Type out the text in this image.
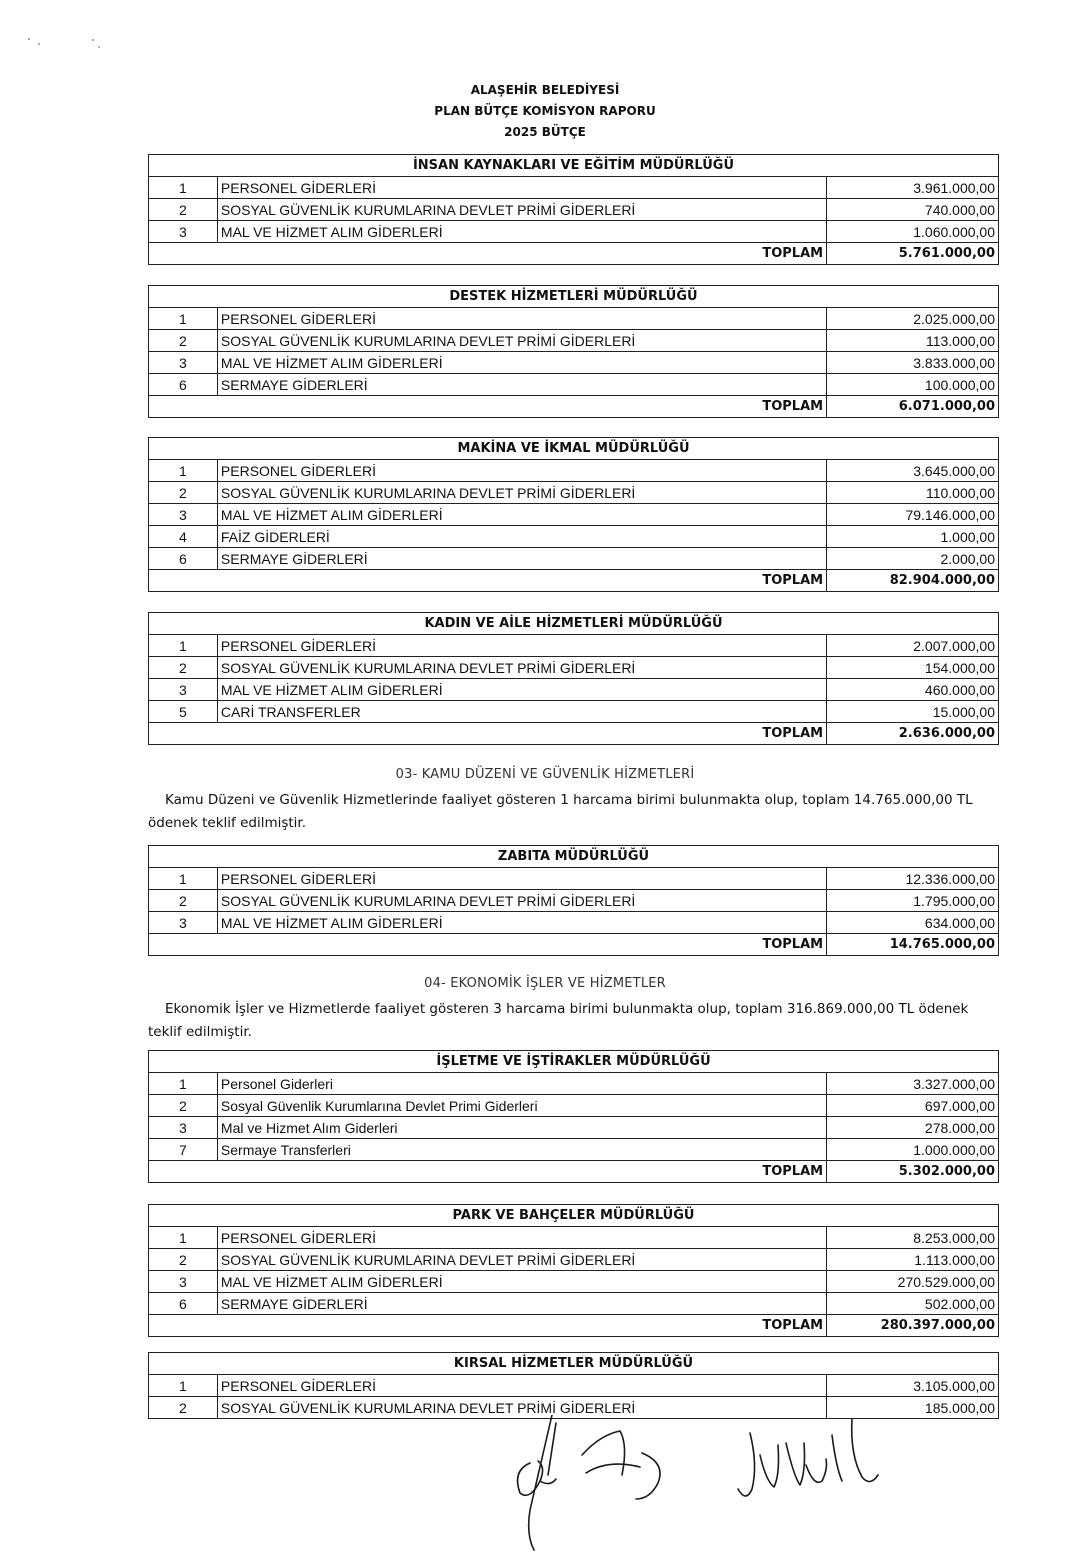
ALAŞEHİR BELEDİYESİ
PLAN BÜTÇE KOMİSYON RAPORU
2025 BÜTÇE
İNSAN KAYNAKLARI VE EĞİTİM MÜDÜRLÜĞÜ		
1	PERSONEL GİDERLERİ	3.961.000,00
2	SOSYAL GÜVENLİK KURUMLARINA DEVLET PRİMİ GİDERLERİ	740.000,00
3	MAL VE HİZMET ALIM GİDERLERİ	1.060.000,00
TOPLAM		5.761.000,00
DESTEK HİZMETLERİ MÜDÜRLÜĞÜ		
1	PERSONEL GİDERLERİ	2.025.000,00
2	SOSYAL GÜVENLİK KURUMLARINA DEVLET PRİMİ GİDERLERİ	113.000,00
3	MAL VE HİZMET ALIM GİDERLERİ	3.833.000,00
6	SERMAYE GİDERLERİ	100.000,00
TOPLAM		6.071.000,00
MAKİNA VE İKMAL MÜDÜRLÜĞÜ		
1	PERSONEL GİDERLERİ	3.645.000,00
2	SOSYAL GÜVENLİK KURUMLARINA DEVLET PRİMİ GİDERLERİ	110.000,00
3	MAL VE HİZMET ALIM GİDERLERİ	79.146.000,00
4	FAİZ GİDERLERİ	1.000,00
6	SERMAYE GİDERLERİ	2.000,00
TOPLAM		82.904.000,00
KADIN VE AİLE HİZMETLERİ MÜDÜRLÜĞÜ		
1	PERSONEL GİDERLERİ	2.007.000,00
2	SOSYAL GÜVENLİK KURUMLARINA DEVLET PRİMİ GİDERLERİ	154.000,00
3	MAL VE HİZMET ALIM GİDERLERİ	460.000,00
5	CARİ TRANSFERLER	15.000,00
TOPLAM		2.636.000,00
03- KAMU DÜZENİ VE GÜVENLİK HİZMETLERİ
Kamu Düzeni ve Güvenlik Hizmetlerinde faaliyet gösteren 1 harcama birimi bulunmakta olup, toplam 14.765.000,00 TL ödenek teklif edilmiştir.
ZABITA MÜDÜRLÜĞÜ		
1	PERSONEL GİDERLERİ	12.336.000,00
2	SOSYAL GÜVENLİK KURUMLARINA DEVLET PRİMİ GİDERLERİ	1.795.000,00
3	MAL VE HİZMET ALIM GİDERLERİ	634.000,00
TOPLAM		14.765.000,00
04- EKONOMİK İŞLER VE HİZMETLER
Ekonomik İşler ve Hizmetlerde faaliyet gösteren 3 harcama birimi bulunmakta olup, toplam 316.869.000,00 TL ödenek teklif edilmiştir.
İŞLETME VE İŞTİRAKLER MÜDÜRLÜĞÜ		
1	Personel Giderleri	3.327.000,00
2	Sosyal Güvenlik Kurumlarına Devlet Primi Giderleri	697.000,00
3	Mal ve Hizmet Alım Giderleri	278.000,00
7	Sermaye Transferleri	1.000.000,00
TOPLAM		5.302.000,00
PARK VE BAHÇELER MÜDÜRLÜĞÜ		
1	PERSONEL GİDERLERİ	8.253.000,00
2	SOSYAL GÜVENLİK KURUMLARINA DEVLET PRİMİ GİDERLERİ	1.113.000,00
3	MAL VE HİZMET ALIM GİDERLERİ	270.529.000,00
6	SERMAYE GİDERLERİ	502.000,00
TOPLAM		280.397.000,00
KIRSAL HİZMETLER MÜDÜRLÜĞÜ		
1	PERSONEL GİDERLERİ	3.105.000,00
2	SOSYAL GÜVENLİK KURUMLARINA DEVLET PRİMİ GİDERLERİ	185.000,00
